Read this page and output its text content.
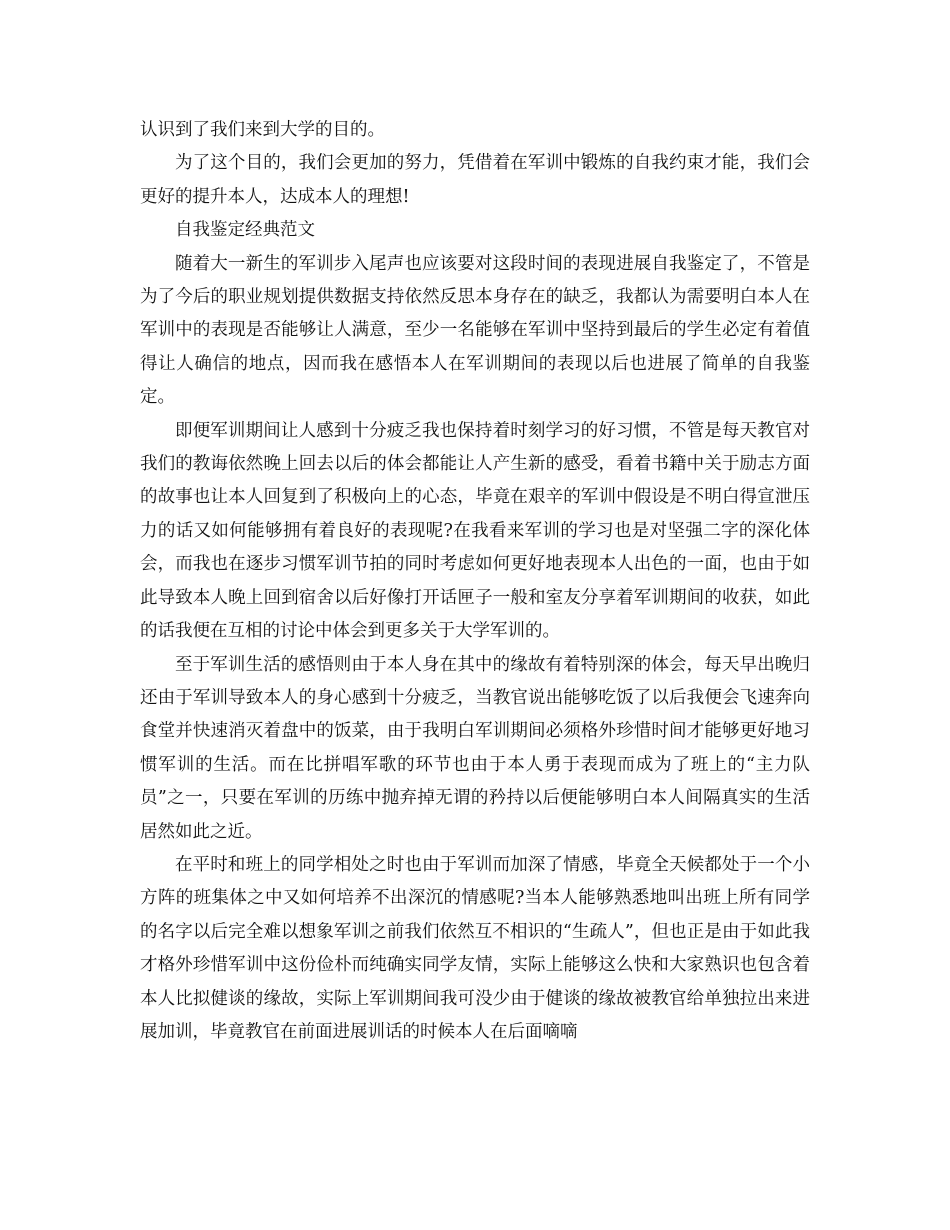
认识到了我们来到大学的目的。

为了这个目的，我们会更加的努力，凭借着在军训中锻炼的自我约束才能，我们会更好的提升本人，达成本人的理想!

自我鉴定经典范文

随着大一新生的军训步入尾声也应该要对这段时间的表现进展自我鉴定了，不管是为了今后的职业规划提供数据支持依然反思本身存在的缺乏，我都认为需要明白本人在军训中的表现是否能够让人满意，至少一名能够在军训中坚持到最后的学生必定有着值得让人确信的地点，因而我在感悟本人在军训期间的表现以后也进展了简单的自我鉴定。

即便军训期间让人感到十分疲乏我也保持着时刻学习的好习惯，不管是每天教官对我们的教诲依然晚上回去以后的体会都能让人产生新的感受，看着书籍中关于励志方面的故事也让本人回复到了积极向上的心态，毕竟在艰辛的军训中假设是不明白得宣泄压力的话又如何能够拥有着良好的表现呢?在我看来军训的学习也是对坚强二字的深化体会，而我也在逐步习惯军训节拍的同时考虑如何更好地表现本人出色的一面，也由于如此导致本人晚上回到宿舍以后好像打开话匣子一般和室友分享着军训期间的收获，如此的话我便在互相的讨论中体会到更多关于大学军训的。

至于军训生活的感悟则由于本人身在其中的缘故有着特别深的体会，每天早出晚归还由于军训导致本人的身心感到十分疲乏，当教官说出能够吃饭了以后我便会飞速奔向食堂并快速消灭着盘中的饭菜，由于我明白军训期间必须格外珍惜时间才能够更好地习惯军训的生活。而在比拼唱军歌的环节也由于本人勇于表现而成为了班上的“主力队员”之一，只要在军训的历练中抛弃掉无谓的矜持以后便能够明白本人间隔真实的生活居然如此之近。

在平时和班上的同学相处之时也由于军训而加深了情感，毕竟全天候都处于一个小方阵的班集体之中又如何培养不出深沉的情感呢?当本人能够熟悉地叫出班上所有同学的名字以后完全难以想象军训之前我们依然互不相识的“生疏人”，但也正是由于如此我才格外珍惜军训中这份俭朴而纯确实同学友情，实际上能够这么快和大家熟识也包含着本人比拟健谈的缘故，实际上军训期间我可没少由于健谈的缘故被教官给单独拉出来进展加训，毕竟教官在前面进展训话的时候本人在后面嘀嘀
